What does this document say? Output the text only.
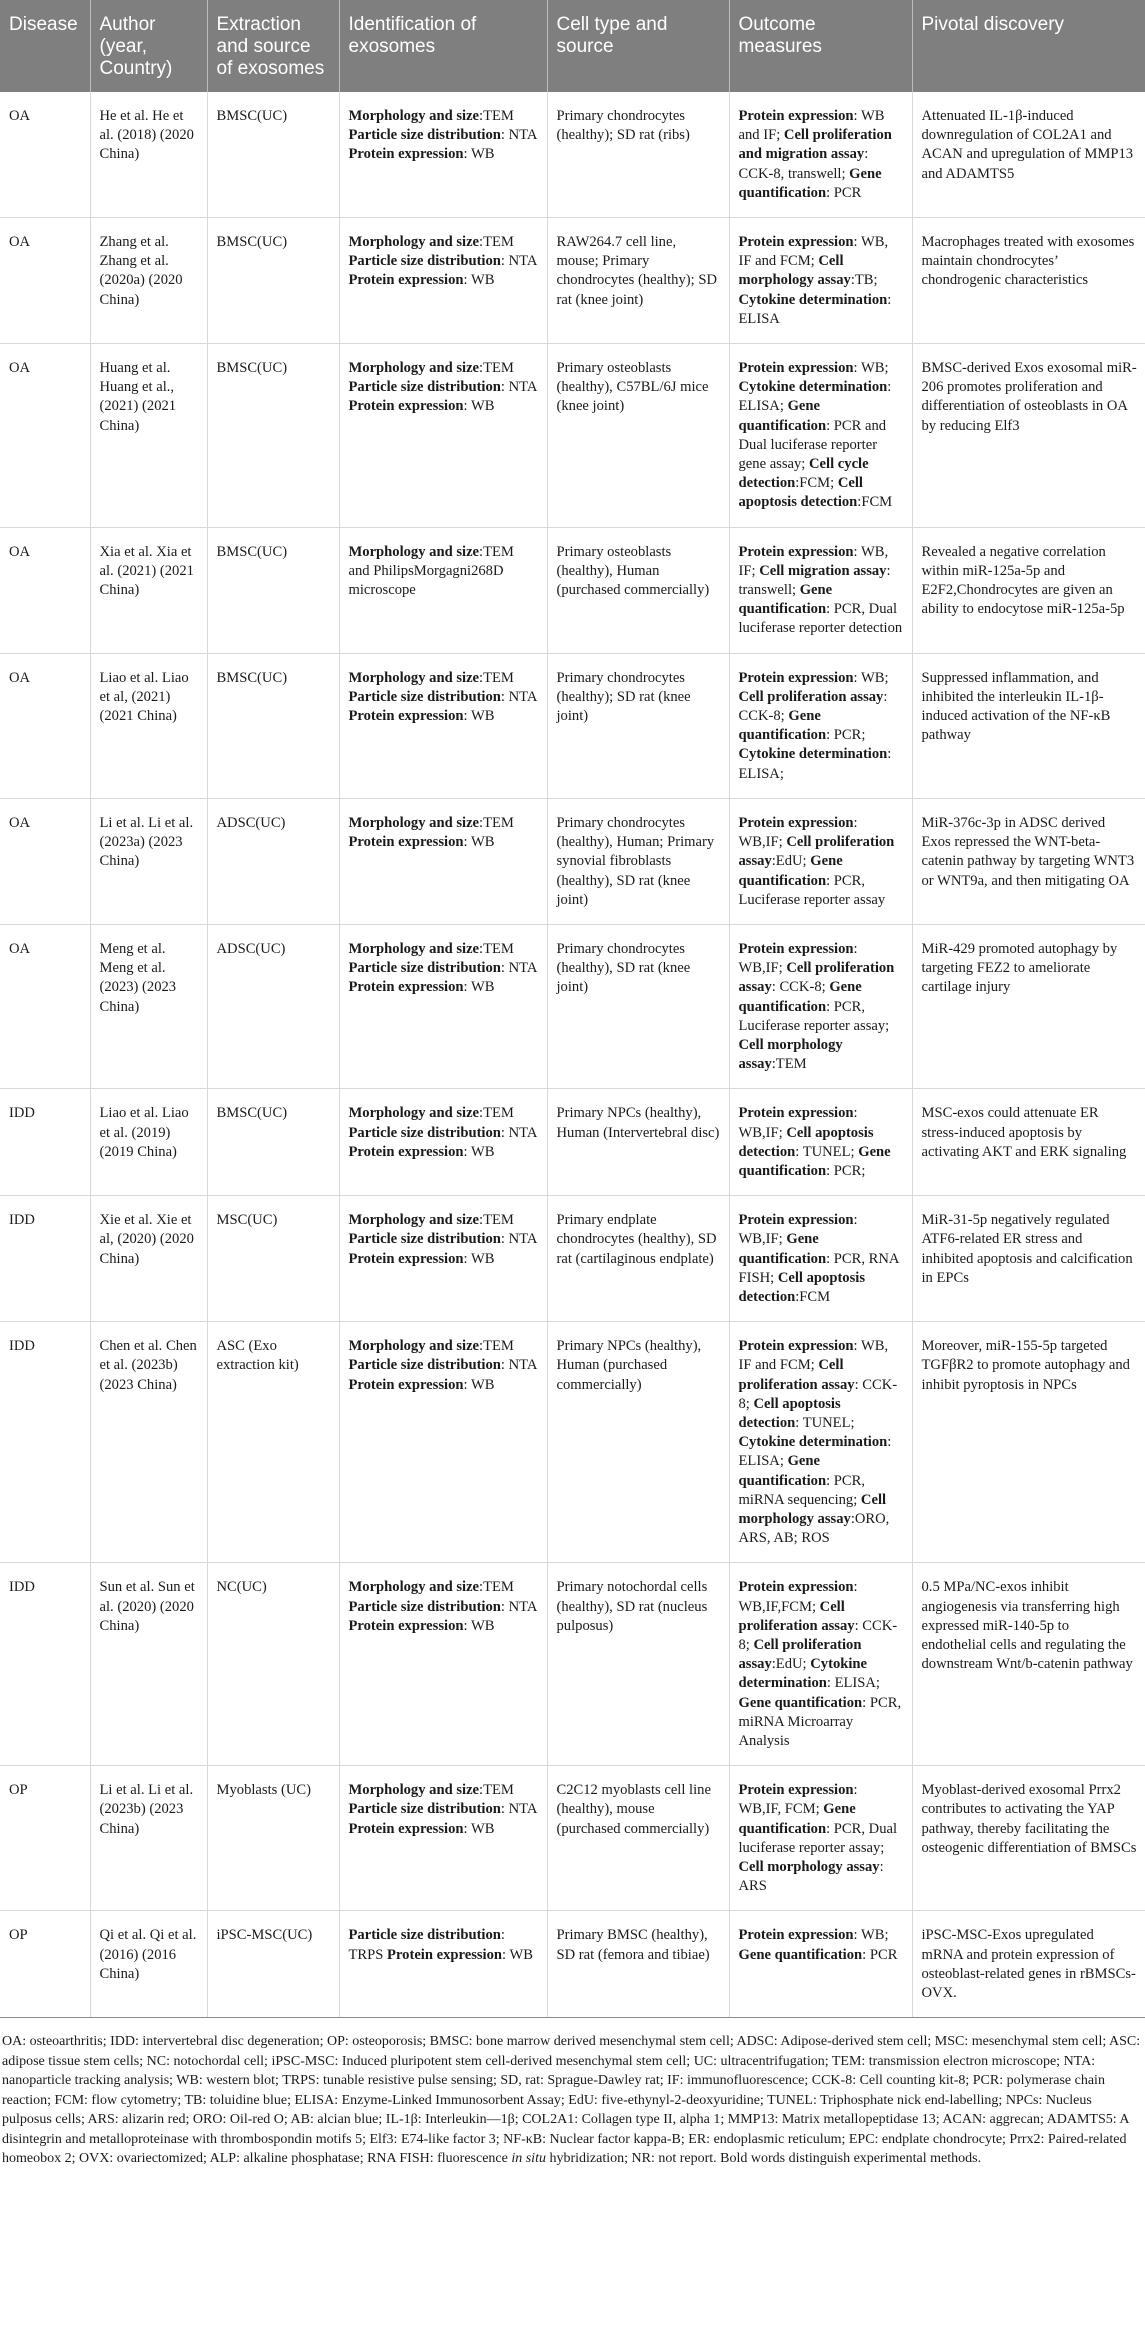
Disease	Author (year, Country)	Extraction and source of exosomes	Identification of exosomes	Cell type and source	Outcome measures	Pivotal discovery
OA	He et al. He et al. (2018) (2020 China)	BMSC(UC)	Morphology and size:TEM Particle size distribution: NTA Protein expression: WB	Primary chondrocytes (healthy); SD rat (ribs)	Protein expression: WB and IF; Cell proliferation and migration assay: CCK-8, transwell; Gene quantification: PCR	Attenuated IL-1β-induced downregulation of COL2A1 and ACAN and upregulation of MMP13 and ADAMTS5
OA	Zhang et al. Zhang et al. (2020a) (2020 China)	BMSC(UC)	Morphology and size:TEM Particle size distribution: NTA Protein expression: WB	RAW264.7 cell line, mouse; Primary chondrocytes (healthy); SD rat (knee joint)	Protein expression: WB, IF and FCM; Cell morphology assay:TB; Cytokine determination: ELISA	Macrophages treated with exosomes maintain chondrocytes’ chondrogenic characteristics
OA	Huang et al. Huang et al., (2021) (2021 China)	BMSC(UC)	Morphology and size:TEM Particle size distribution: NTA Protein expression: WB	Primary osteoblasts (healthy), C57BL/6J mice (knee joint)	Protein expression: WB; Cytokine determination: ELISA; Gene quantification: PCR and Dual luciferase reporter gene assay; Cell cycle detection:FCM; Cell apoptosis detection:FCM	BMSC-derived Exos exosomal miR-206 promotes proliferation and differentiation of osteoblasts in OA by reducing Elf3
OA	Xia et al. Xia et al. (2021) (2021 China)	BMSC(UC)	Morphology and size:TEM and PhilipsMorgagni268D microscope	Primary osteoblasts (healthy), Human (purchased commercially)	Protein expression: WB, IF; Cell migration assay: transwell; Gene quantification: PCR, Dual luciferase reporter detection	Revealed a negative correlation within miR-125a-5p and E2F2,Chondrocytes are given an ability to endocytose miR-125a-5p
OA	Liao et al. Liao et al, (2021) (2021 China)	BMSC(UC)	Morphology and size:TEM Particle size distribution: NTA Protein expression: WB	Primary chondrocytes (healthy); SD rat (knee joint)	Protein expression: WB; Cell proliferation assay: CCK-8; Gene quantification: PCR; Cytokine determination: ELISA;	Suppressed inflammation, and inhibited the interleukin IL-1β-induced activation of the NF-κB pathway
OA	Li et al. Li et al. (2023a) (2023 China)	ADSC(UC)	Morphology and size:TEM Protein expression: WB	Primary chondrocytes (healthy), Human; Primary synovial fibroblasts (healthy), SD rat (knee joint)	Protein expression: WB,IF; Cell proliferation assay:EdU; Gene quantification: PCR, Luciferase reporter assay	MiR-376c-3p in ADSC derived Exos repressed the WNT-beta-catenin pathway by targeting WNT3 or WNT9a, and then mitigating OA
OA	Meng et al. Meng et al. (2023) (2023 China)	ADSC(UC)	Morphology and size:TEM Particle size distribution: NTA Protein expression: WB	Primary chondrocytes (healthy), SD rat (knee joint)	Protein expression: WB,IF; Cell proliferation assay: CCK-8; Gene quantification: PCR, Luciferase reporter assay; Cell morphology assay:TEM	MiR-429 promoted autophagy by targeting FEZ2 to ameliorate cartilage injury
IDD	Liao et al. Liao et al. (2019) (2019 China)	BMSC(UC)	Morphology and size:TEM Particle size distribution: NTA Protein expression: WB	Primary NPCs (healthy), Human (Intervertebral disc)	Protein expression: WB,IF; Cell apoptosis detection: TUNEL; Gene quantification: PCR;	MSC-exos could attenuate ER stress-induced apoptosis by activating AKT and ERK signaling
IDD	Xie et al. Xie et al, (2020) (2020 China)	MSC(UC)	Morphology and size:TEM Particle size distribution: NTA Protein expression: WB	Primary endplate chondrocytes (healthy), SD rat (cartilaginous endplate)	Protein expression: WB,IF; Gene quantification: PCR, RNA FISH; Cell apoptosis detection:FCM	MiR-31-5p negatively regulated ATF6-related ER stress and inhibited apoptosis and calcification in EPCs
IDD	Chen et al. Chen et al. (2023b) (2023 China)	ASC (Exo extraction kit)	Morphology and size:TEM Particle size distribution: NTA Protein expression: WB	Primary NPCs (healthy), Human (purchased commercially)	Protein expression: WB, IF and FCM; Cell proliferation assay: CCK-8; Cell apoptosis detection: TUNEL; Cytokine determination: ELISA; Gene quantification: PCR, miRNA sequencing; Cell morphology assay:ORO, ARS, AB; ROS	Moreover, miR-155-5p targeted TGFβR2 to promote autophagy and inhibit pyroptosis in NPCs
IDD	Sun et al. Sun et al. (2020) (2020 China)	NC(UC)	Morphology and size:TEM Particle size distribution: NTA Protein expression: WB	Primary notochordal cells (healthy), SD rat (nucleus pulposus)	Protein expression: WB,IF,FCM; Cell proliferation assay: CCK-8; Cell proliferation assay:EdU; Cytokine determination: ELISA; Gene quantification: PCR, miRNA Microarray Analysis	0.5 MPa/NC-exos inhibit angiogenesis via transferring high expressed miR-140-5p to endothelial cells and regulating the downstream Wnt/b-catenin pathway
OP	Li et al. Li et al. (2023b) (2023 China)	Myoblasts (UC)	Morphology and size:TEM Particle size distribution: NTA Protein expression: WB	C2C12 myoblasts cell line (healthy), mouse (purchased commercially)	Protein expression: WB,IF, FCM; Gene quantification: PCR, Dual luciferase reporter assay; Cell morphology assay: ARS	Myoblast-derived exosomal Prrx2 contributes to activating the YAP pathway, thereby facilitating the osteogenic differentiation of BMSCs
OP	Qi et al. Qi et al. (2016) (2016 China)	iPSC-MSC(UC)	Particle size distribution: TRPS Protein expression: WB	Primary BMSC (healthy), SD rat (femora and tibiae)	Protein expression: WB; Gene quantification: PCR	iPSC-MSC-Exos upregulated mRNA and protein expression of osteoblast-related genes in rBMSCs-OVX.
OA: osteoarthritis; IDD: intervertebral disc degeneration; OP: osteoporosis; BMSC: bone marrow derived mesenchymal stem cell; ADSC: Adipose-derived stem cell; MSC: mesenchymal stem cell; ASC: adipose tissue stem cells; NC: notochordal cell; iPSC-MSC: Induced pluripotent stem cell-derived mesenchymal stem cell; UC: ultracentrifugation; TEM: transmission electron microscope; NTA: nanoparticle tracking analysis; WB: western blot; TRPS: tunable resistive pulse sensing; SD, rat: Sprague-Dawley rat; IF: immunofluorescence; CCK-8: Cell counting kit-8; PCR: polymerase chain reaction; FCM: flow cytometry; TB: toluidine blue; ELISA: Enzyme-Linked Immunosorbent Assay; EdU: five-ethynyl-2-deoxyuridine; TUNEL: Triphosphate nick end-labelling; NPCs: Nucleus pulposus cells; ARS: alizarin red; ORO: Oil-red O; AB: alcian blue; IL-1β: Interleukin—1β; COL2A1: Collagen type II, alpha 1; MMP13: Matrix metallopeptidase 13; ACAN: aggrecan; ADAMTS5: A disintegrin and metalloproteinase with thrombospondin motifs 5; Elf3: E74-like factor 3; NF-κB: Nuclear factor kappa-B; ER: endoplasmic reticulum; EPC: endplate chondrocyte; Prrx2: Paired-related homeobox 2; OVX: ovariectomized; ALP: alkaline phosphatase; RNA FISH: fluorescence in situ hybridization; NR: not report. Bold words distinguish experimental methods.
